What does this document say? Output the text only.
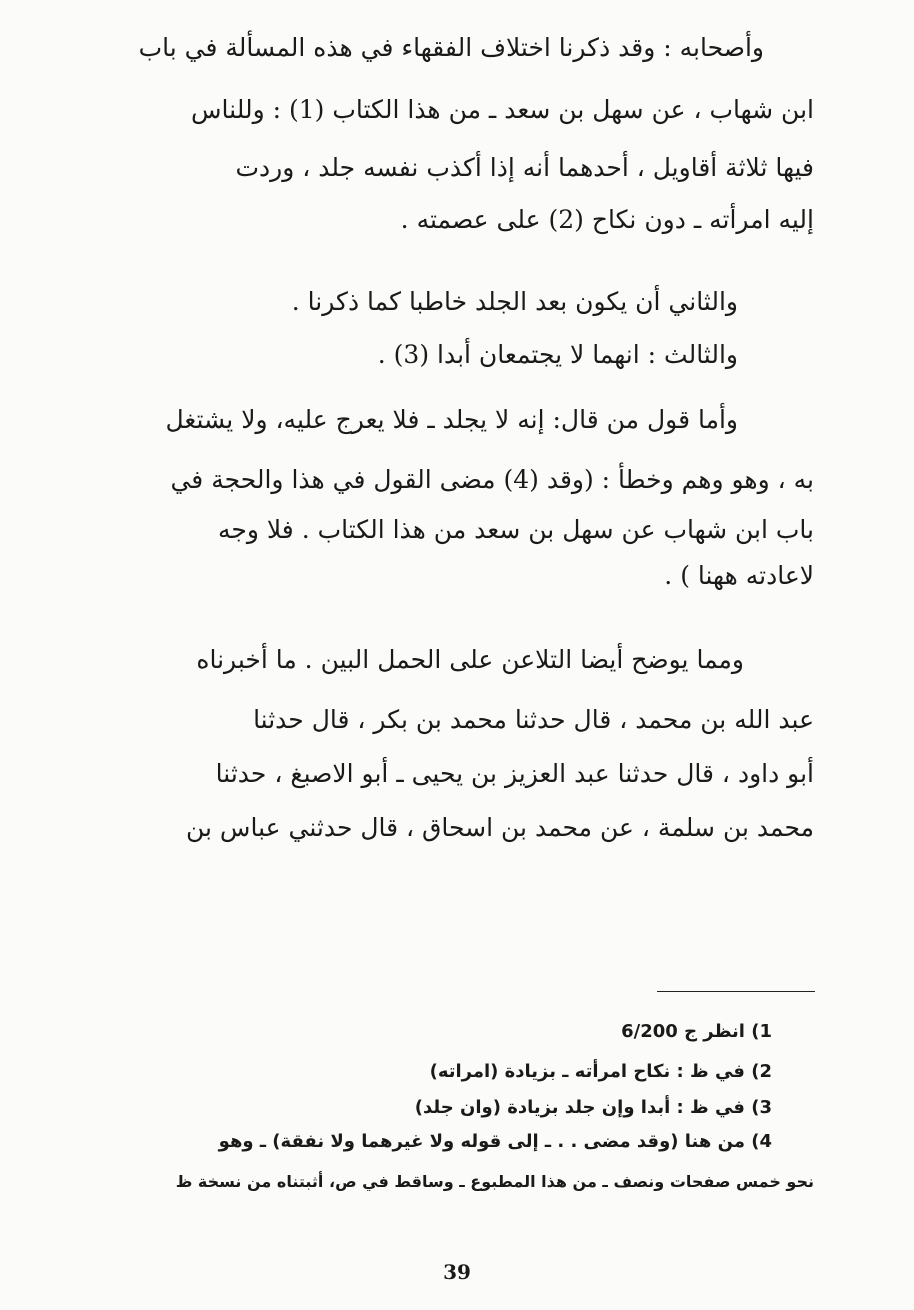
وأصحابه : وقد ذكرنا اختلاف الفقهاء في هذه المسألة في باب
ابن شهاب ، عن سهل بن سعد ـ من هذا الكتاب (1) : وللناس
فيها ثلاثة أقاويل ، أحدهما أنه إذا أكذب نفسه جلد ، وردت
إليه امرأته ـ دون نكاح (2) على عصمته .
والثاني أن يكون بعد الجلد خاطبا كما ذكرنا .
والثالث : انهما لا يجتمعان أبدا (3) .
وأما قول من قال: إنه لا يجلد ـ فلا يعرج عليه، ولا يشتغل
به ، وهو وهم وخطأ : (وقد (4) مضى القول في هذا والحجة في
باب ابن شهاب عن سهل بن سعد من هذا الكتاب . فلا وجه
لاعادته ههنا ) .
ومما يوضح أيضا التلاعن على الحمل البين . ما أخبرناه
عبد الله بن محمد ، قال حدثنا محمد بن بكر ، قال حدثنا
أبو داود ، قال حدثنا عبد العزيز بن يحيى ـ أبو الاصبغ ، حدثنا
محمد بن سلمة ، عن محمد بن اسحاق ، قال حدثني عباس بن
1) انظر ج 6/200
2) في ظ : نكاح امرأته ـ بزيادة (امراته)
3) في ظ : أبدا وإن جلد بزيادة (وان جلد)
4) من هنا (وقد مضى . . ـ إلى قوله ولا غيرهما ولا نفقة) ـ وهو
نحو خمس صفحات ونصف ـ من هذا المطبوع ـ وساقط في ص، أثبتناه من نسخة ظ
39
